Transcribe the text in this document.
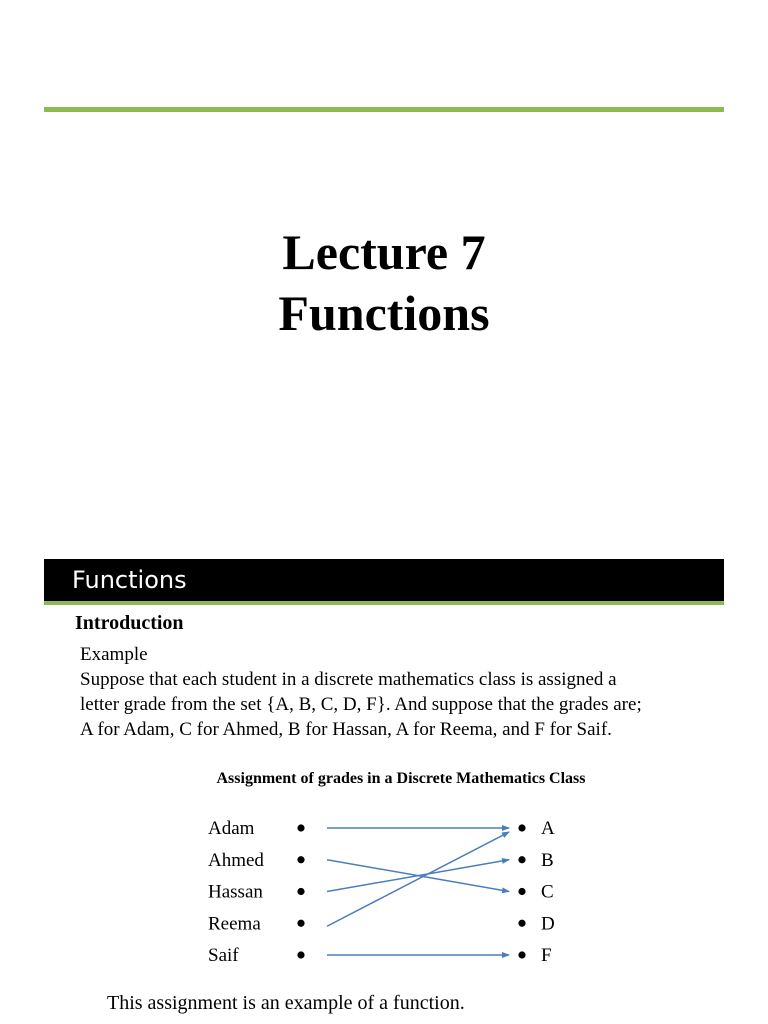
Lecture 7
Functions
Functions
Introduction
Example
Suppose that each student in a discrete mathematics class is assigned a
letter grade from the set {A, B, C, D, F}. And suppose that the grades are;
A for Adam, C for Ahmed, B for Hassan, A for Reema, and F for Saif.
Assignment of grades in a Discrete Mathematics Class
Adam
Ahmed
Hassan
Reema
Saif
A
B
C
D
F
This assignment is an example of a function.
